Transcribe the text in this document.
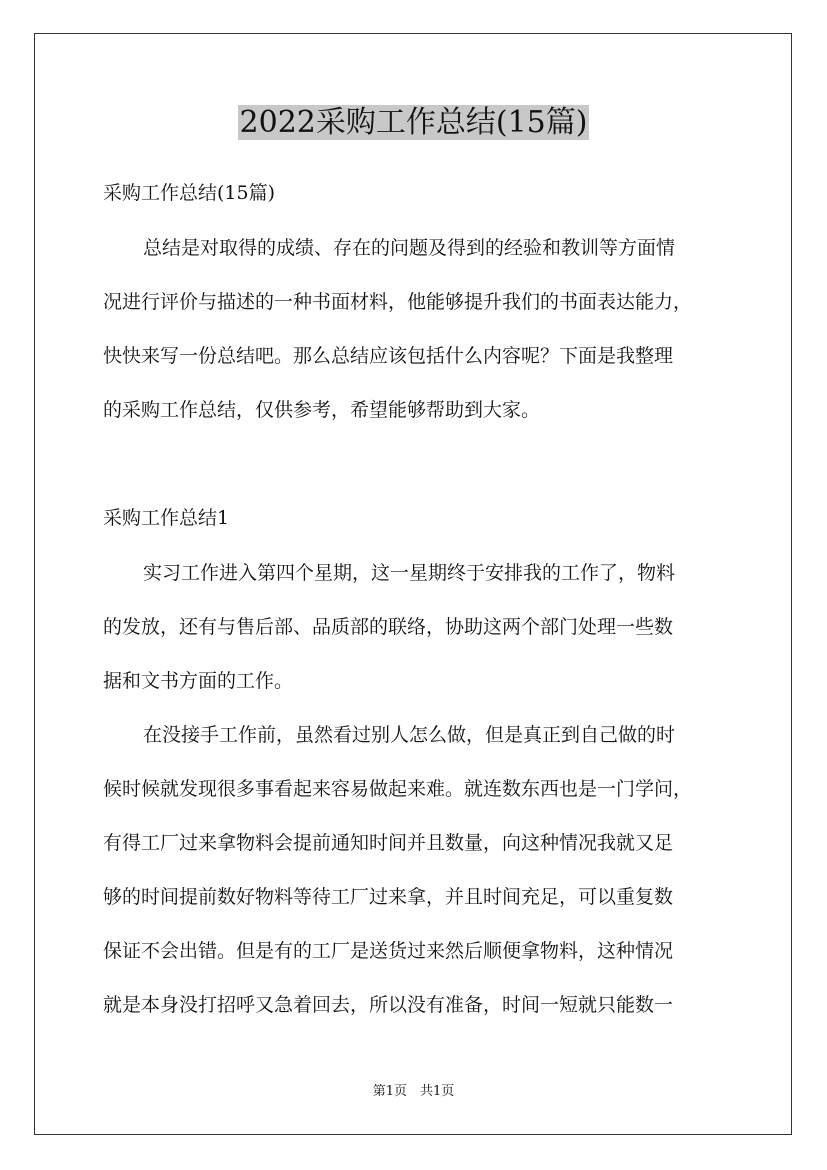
2022采购工作总结(15篇)
采购工作总结(15篇)
总结是对取得的成绩、存在的问题及得到的经验和教训等方面情
况进行评价与描述的一种书面材料，他能够提升我们的书面表达能力，
快快来写一份总结吧。那么总结应该包括什么内容呢？下面是我整理
的采购工作总结，仅供参考，希望能够帮助到大家。
采购工作总结1
实习工作进入第四个星期，这一星期终于安排我的工作了，物料
的发放，还有与售后部、品质部的联络，协助这两个部门处理一些数
据和文书方面的工作。
在没接手工作前，虽然看过别人怎么做，但是真正到自己做的时
候时候就发现很多事看起来容易做起来难。就连数东西也是一门学问，
有得工厂过来拿物料会提前通知时间并且数量，向这种情况我就又足
够的时间提前数好物料等待工厂过来拿，并且时间充足，可以重复数
保证不会出错。但是有的工厂是送货过来然后顺便拿物料，这种情况
就是本身没打招呼又急着回去，所以没有准备，时间一短就只能数一
第1页　共1页
